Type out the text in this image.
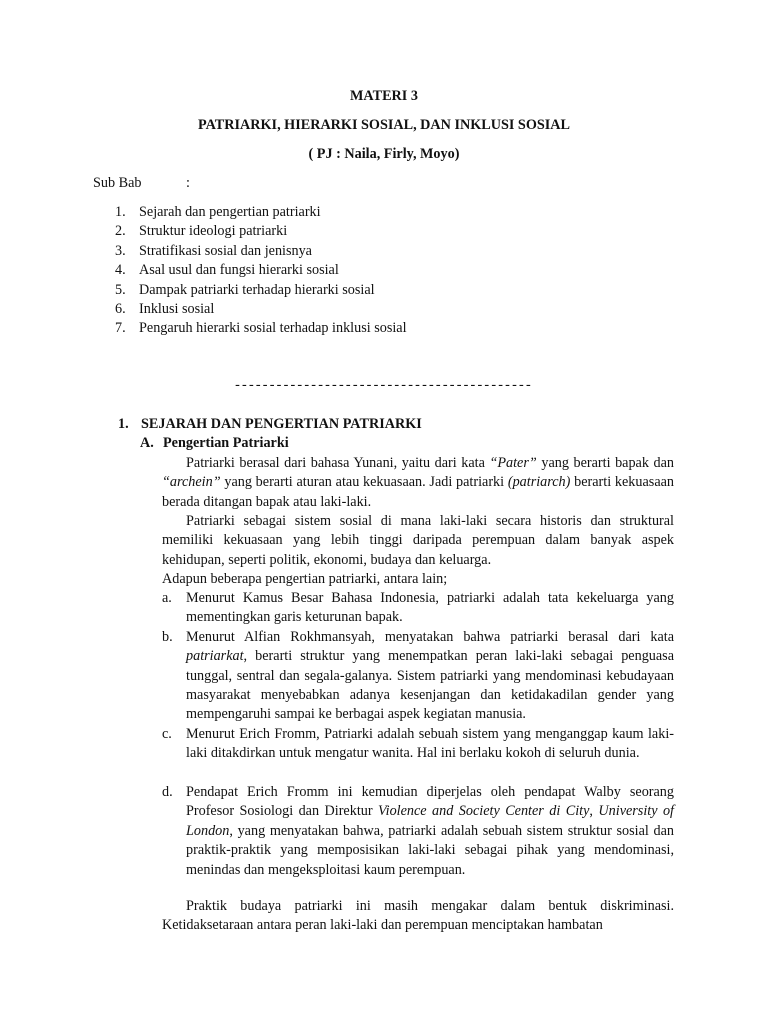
MATERI 3
PATRIARKI, HIERARKI SOSIAL, DAN INKLUSI SOSIAL
( PJ : Naila, Firly, Moyo)
Sub Bab	:
1. Sejarah dan pengertian patriarki
2. Struktur ideologi patriarki
3. Stratifikasi sosial dan jenisnya
4. Asal usul dan fungsi hierarki sosial
5. Dampak patriarki terhadap hierarki sosial
6. Inklusi sosial
7. Pengaruh hierarki sosial terhadap inklusi sosial
-------------------------------------------
1. SEJARAH DAN PENGERTIAN PATRIARKI
A. Pengertian Patriarki
Patriarki berasal dari bahasa Yunani, yaitu dari kata “Pater” yang berarti bapak dan “archein” yang berarti aturan atau kekuasaan. Jadi patriarki (patriarch) berarti kekuasaan berada ditangan bapak atau laki-laki.
Patriarki sebagai sistem sosial di mana laki-laki secara historis dan struktural memiliki kekuasaan yang lebih tinggi daripada perempuan dalam banyak aspek kehidupan, seperti politik, ekonomi, budaya dan keluarga.
Adapun beberapa pengertian patriarki, antara lain;
a. Menurut Kamus Besar Bahasa Indonesia, patriarki adalah tata kekeluarga yang mementingkan garis keturunan bapak.
b. Menurut Alfian Rokhmansyah, menyatakan bahwa patriarki berasal dari kata patriarkat, berarti struktur yang menempatkan peran laki-laki sebagai penguasa tunggal, sentral dan segala-galanya. Sistem patriarki yang mendominasi kebudayaan masyarakat menyebabkan adanya kesenjangan dan ketidakadilan gender yang mempengaruhi sampai ke berbagai aspek kegiatan manusia.
c. Menurut Erich Fromm, Patriarki adalah sebuah sistem yang menganggap kaum laki-laki ditakdirkan untuk mengatur wanita. Hal ini berlaku kokoh di seluruh dunia.
d. Pendapat Erich Fromm ini kemudian diperjelas oleh pendapat Walby seorang Profesor Sosiologi dan Direktur Violence and Society Center di City, University of London, yang menyatakan bahwa, patriarki adalah sebuah sistem struktur sosial dan praktik-praktik yang memposisikan laki-laki sebagai pihak yang mendominasi, menindas dan mengeksploitasi kaum perempuan.
Praktik budaya patriarki ini masih mengakar dalam bentuk diskriminasi. Ketidaksetaraan antara peran laki-laki dan perempuan menciptakan hambatan
